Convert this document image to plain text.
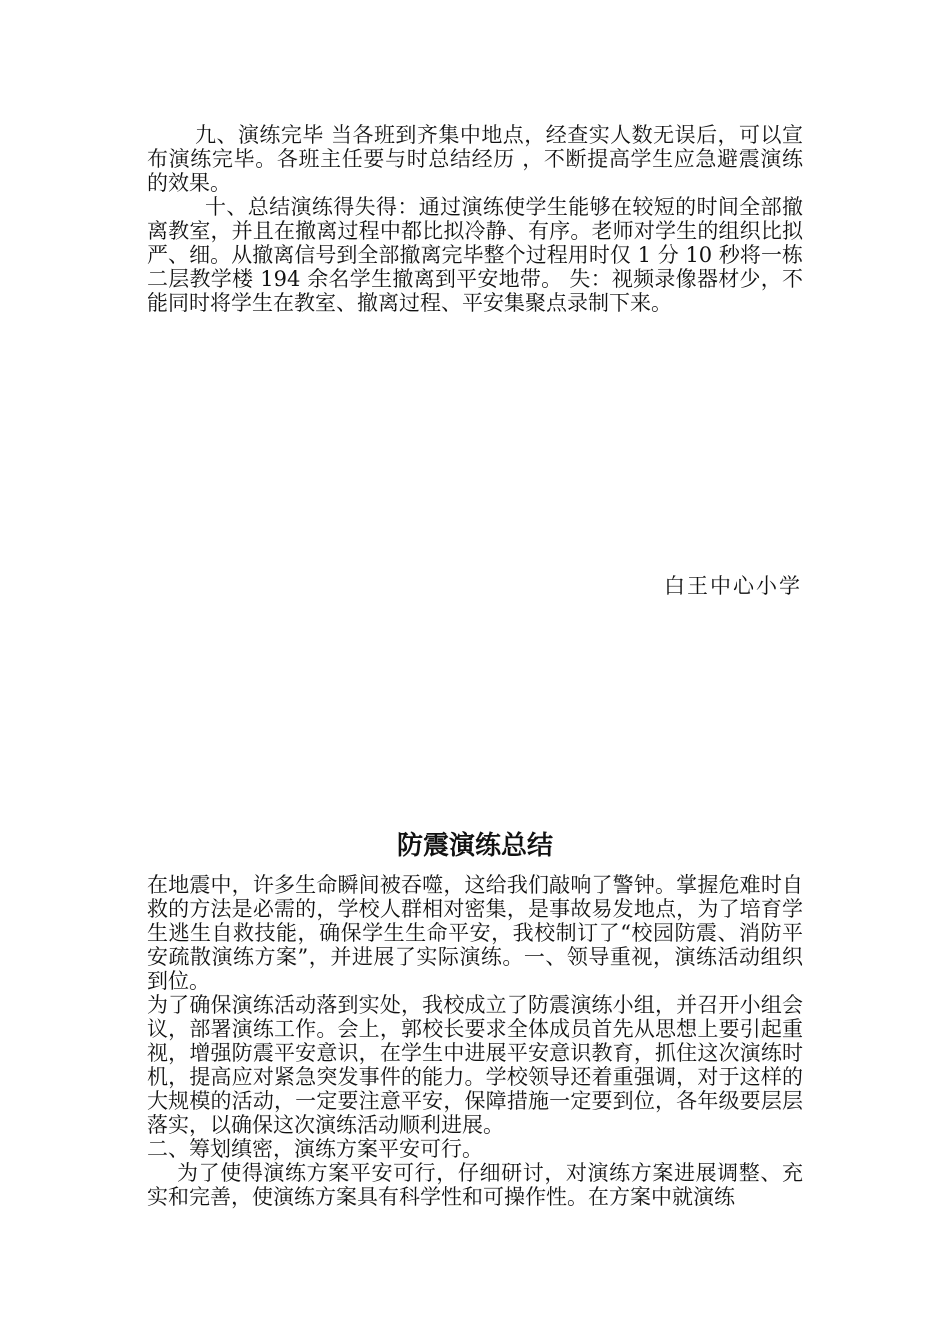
九、演练完毕 当各班到齐集中地点，经查实人数无误后，可以宣布演练完毕。各班主任要与时总结经历 ，不断提高学生应急避震演练的效果。

十、总结演练得失得：通过演练使学生能够在较短的时间全部撤离教室，并且在撤离过程中都比拟冷静、有序。老师对学生的组织比拟严、细。从撤离信号到全部撤离完毕整个过程用时仅 1 分 10 秒将一栋二层教学楼 194 余名学生撤离到平安地带。 失：视频录像器材少，不能同时将学生在教室、撤离过程、平安集聚点录制下来。

白王中心小学
防震演练总结

在地震中，许多生命瞬间被吞噬，这给我们敲响了警钟。掌握危难时自救的方法是必需的，学校人群相对密集，是事故易发地点，为了培育学生逃生自救技能，确保学生生命平安，我校制订了“校园防震、消防平安疏散演练方案”，并进展了实际演练。一、领导重视，演练活动组织到位。

为了确保演练活动落到实处，我校成立了防震演练小组，并召开小组会议，部署演练工作。会上，郭校长要求全体成员首先从思想上要引起重视，增强防震平安意识，在学生中进展平安意识教育，抓住这次演练时机，提高应对紧急突发事件的能力。学校领导还着重强调，对于这样的大规模的活动，一定要注意平安，保障措施一定要到位，各年级要层层落实，以确保这次演练活动顺利进展。

二、筹划缜密，演练方案平安可行。

为了使得演练方案平安可行，仔细研讨，对演练方案进展调整、充实和完善，使演练方案具有科学性和可操作性。在方案中就演练
